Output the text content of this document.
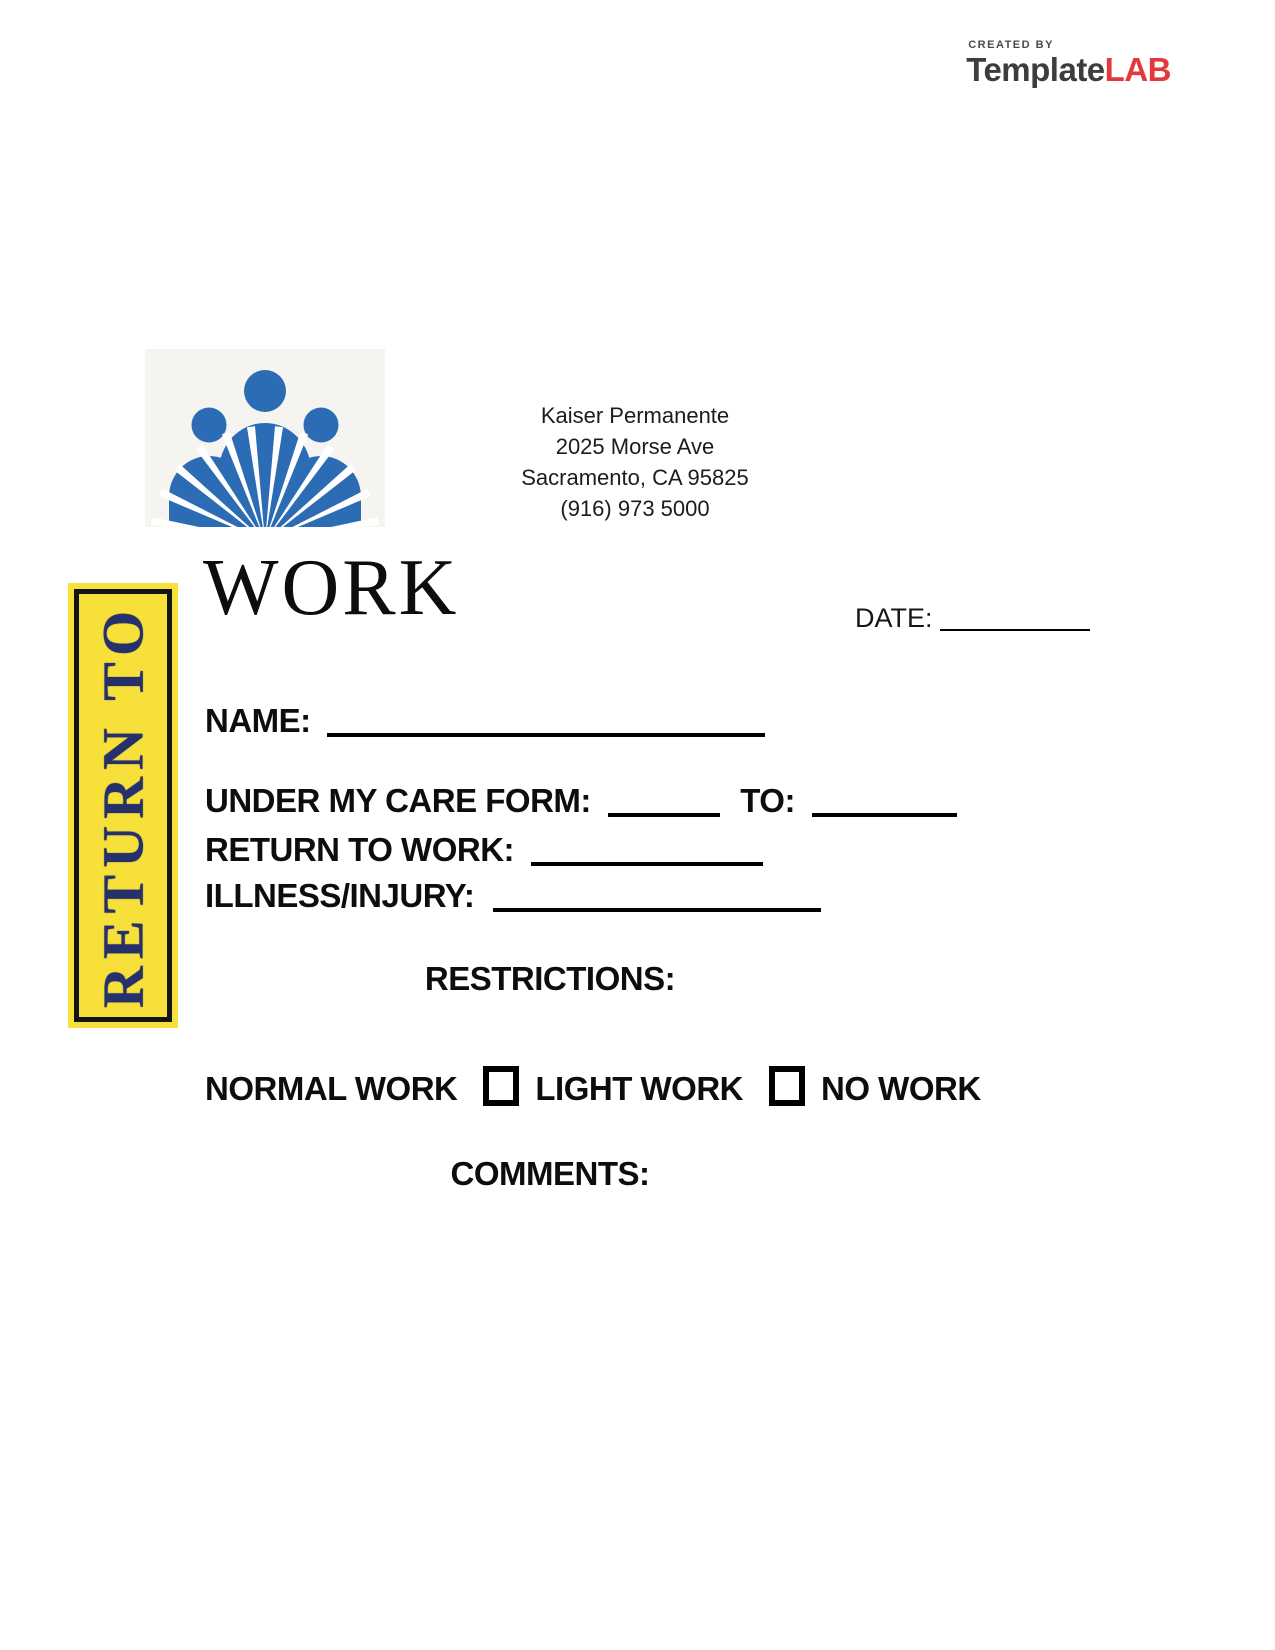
CREATED BY
TemplateLAB
Kaiser Permanente
2025 Morse Ave
Sacramento, CA 95825
(916) 973 5000
RETURN TO
WORK	DATE:
NAME:
UNDER MY CARE FORM:	TO:
RETURN TO WORK:
ILLNESS/INJURY:
RESTRICTIONS:
NORMAL WORK LIGHT WORK NO WORK
COMMENTS:
